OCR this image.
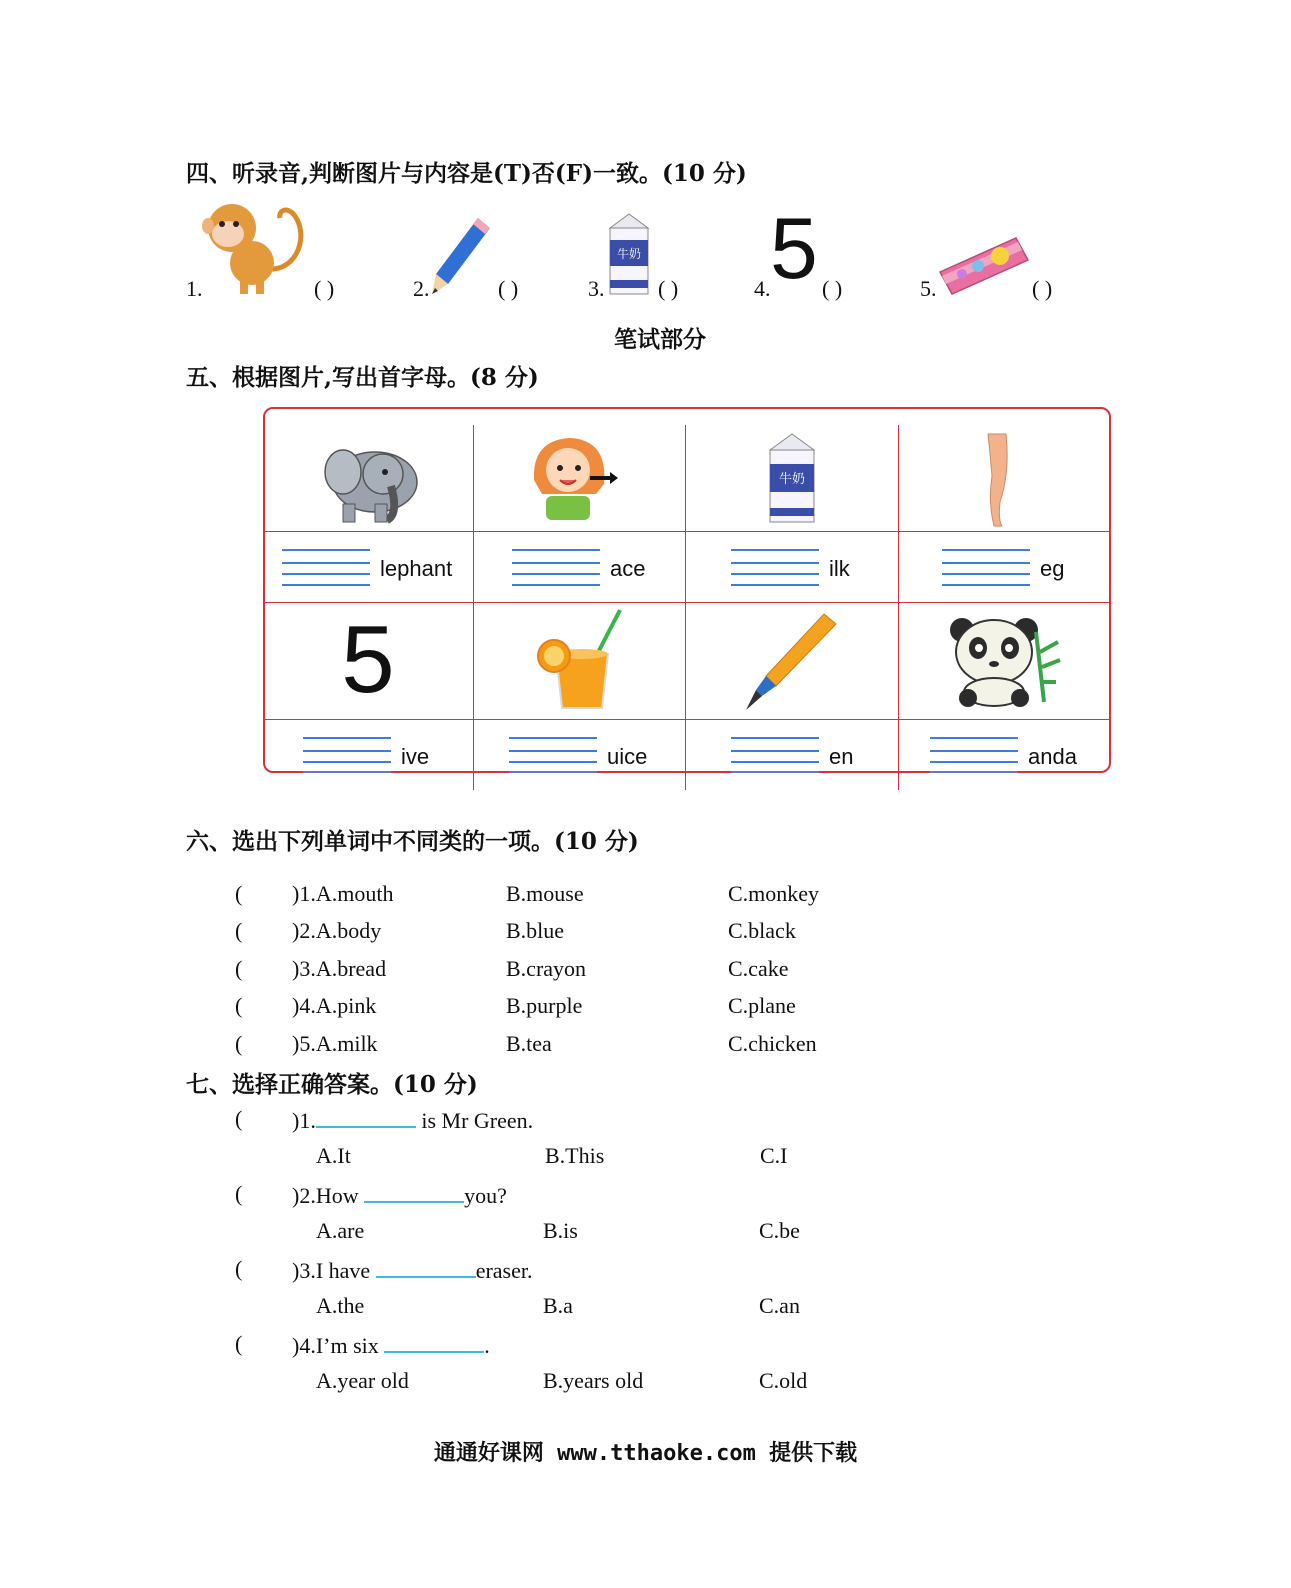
四、听录音,判断图片与内容是(T)否(F)一致。(10 分)
1.	( )	2.	( )	3.
牛奶
( )	4. 5 ( )	5.	( )
笔试部分
五、根据图片,写出首字母。(8 分)
牛奶
lephant	ace	ilk	eg
5
ive	uice	en	anda
六、选出下列单词中不同类的一项。(10 分)
( )1.A.mouth	B.mouse	C.monkey
( )2.A.body	B.blue	C.black
( )3.A.bread	B.crayon	C.cake
( )4.A.pink	B.purple	C.plane
( )5.A.milk	B.tea	C.chicken
七、选择正确答案。(10 分)
( )1.	is Mr Green.
A.It	B.This	C.I
( )2.How	you?
A.are	B.is	C.be
( )3.I have	eraser.
A.the	B.a	C.an
( )4.I’m six	.
A.year old	B.years old	C.old
通通好课网 www.tthaoke.com 提供下载
